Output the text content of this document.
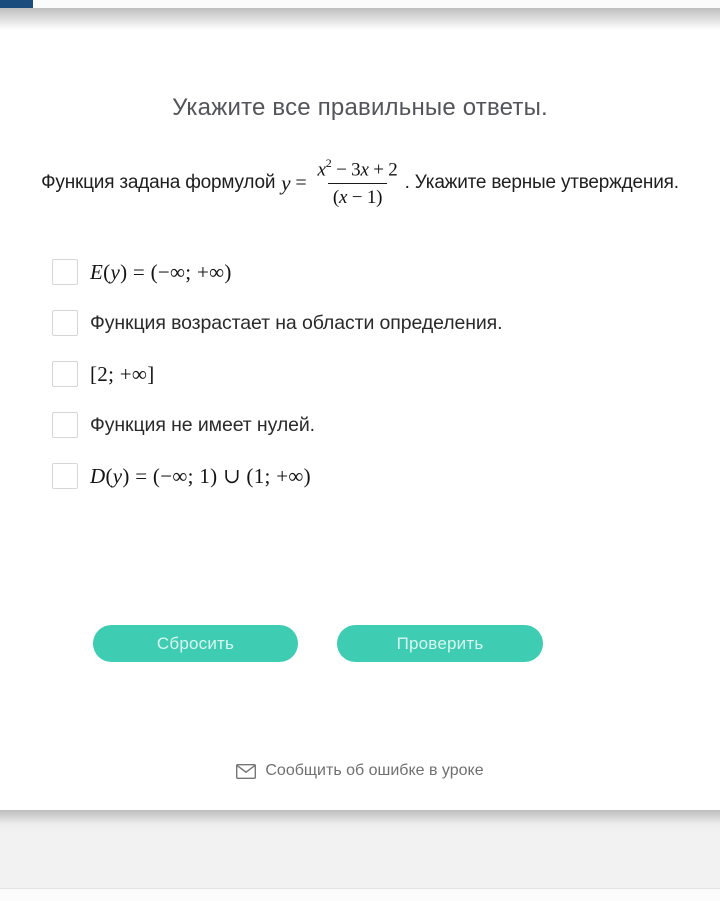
Укажите все правильные ответы.
Функция задана формулой $y = \frac{x^2 - 3x + 2}{(x - 1)}$ . Укажите верные утверждения.
E(y) = (−∞; +∞)
Функция возрастает на области определения.
[2; +∞]
Функция не имеет нулей.
D(y) = (−∞; 1) ∪ (1; +∞)
Сбросить	Проверить
Сообщить об ошибке в уроке
